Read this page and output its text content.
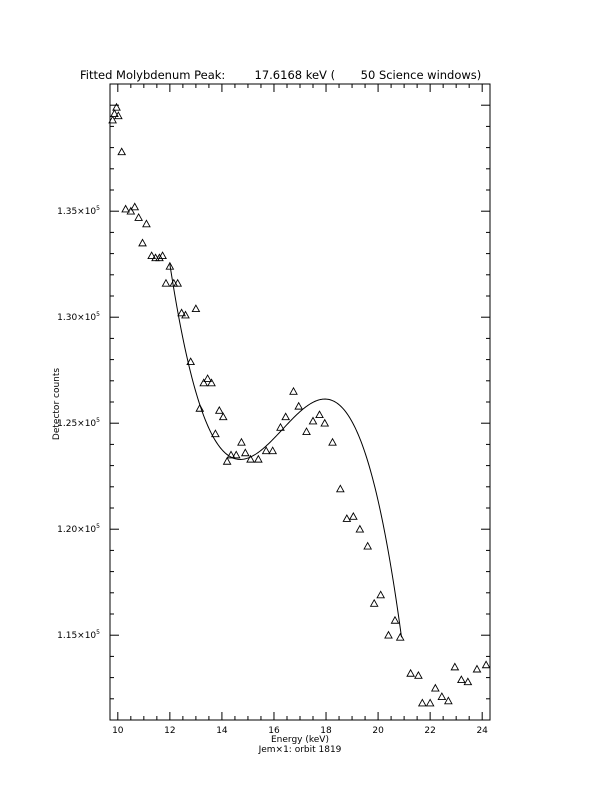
Fitted Molybdenum Peak:        17.6168 keV (       50 Science windows)
10	12	14	16	18	20	22	24
$1.15\times 10^5$
$1.20\times 10^5$
$1.25\times 10^5$
$1.30\times 10^5$
$1.35\times 10^5$
Energy (keV)
Jem×1: orbit 1819
Detector counts
